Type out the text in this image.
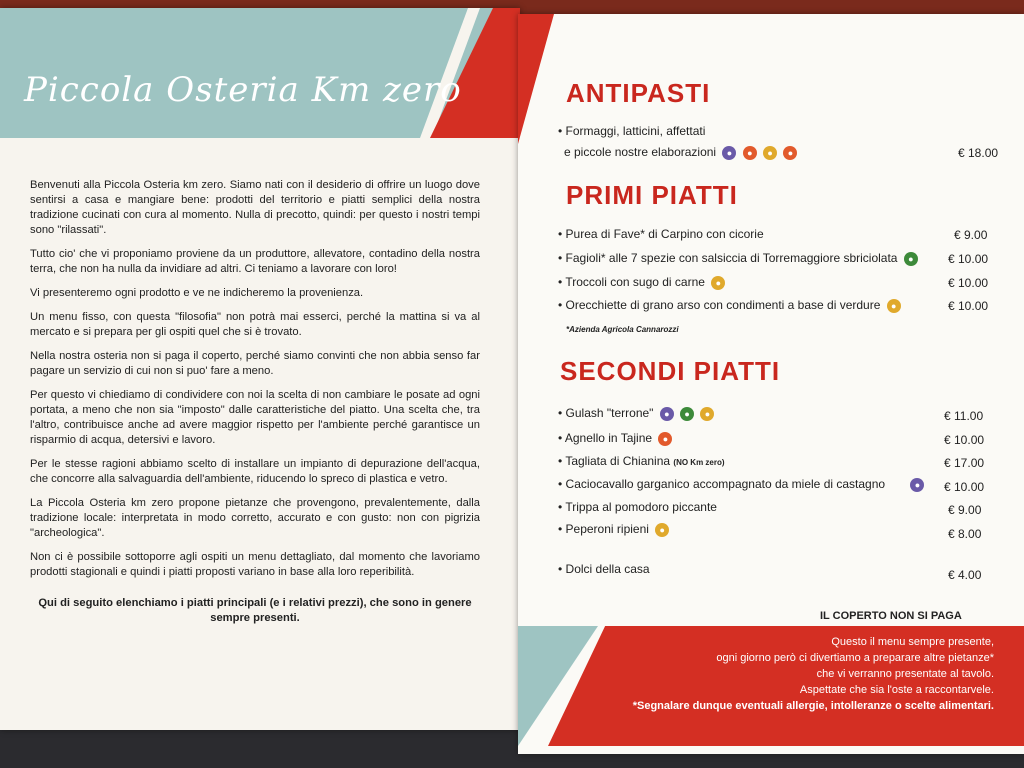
Piccola Osteria Km zero

Benvenuti alla Piccola Osteria km zero. Siamo nati con il desiderio di offrire un luogo dove sentirsi a casa e mangiare bene: prodotti del territorio e piatti semplici della nostra tradizione cucinati con cura al momento. Nulla di precotto, quindi: per questo i nostri tempi sono "rilassati".

Tutto cio' che vi proponiamo proviene da un produttore, allevatore, contadino della nostra terra, che non ha nulla da invidiare ad altri. Ci teniamo a lavorare con loro!

Vi presenteremo ogni prodotto e ve ne indicheremo la provenienza.

Un menu fisso, con questa "filosofia" non potrà mai esserci, perché la mattina si va al mercato e si prepara per gli ospiti quel che si è trovato.

Nella nostra osteria non si paga il coperto, perché siamo convinti che non abbia senso far pagare un servizio di cui non si puo' fare a meno.

Per questo vi chiediamo di condividere con noi la scelta di non cambiare le posate ad ogni portata, a meno che non sia "imposto" dalle caratteristiche del piatto. Una scelta che, tra l'altro, contribuisce anche ad avere maggior rispetto per l'ambiente perché garantisce un risparmio di acqua, detersivi e lavoro.

Per le stesse ragioni abbiamo scelto di installare un impianto di depurazione dell'acqua, che concorre alla salvaguardia dell'ambiente, riducendo lo spreco di plastica e vetro.

La Piccola Osteria km zero propone pietanze che provengono, prevalentemente, dalla tradizione locale: interpretata in modo corretto, accurato e con gusto: non con pigrizia "archeologica".

Non ci è possibile sottoporre agli ospiti un menu dettagliato, dal momento che lavoriamo prodotti stagionali e quindi i piatti proposti variano in base alla loro reperibilità.

Qui di seguito elenchiamo i piatti principali (e i relativi prezzi), che sono in genere sempre presenti.

ANTIPASTI
• Formaggi, latticini, affettati
e piccole nostre elaborazioni ● ● ● ●	€ 18.00
PRIMI PIATTI
• Purea di Fave* di Carpino con cicorie	€ 9.00
• Fagioli* alle 7 spezie con salsiccia di Torremaggiore sbriciolata ●	€ 10.00
• Troccoli con sugo di carne ●	€ 10.00
• Orecchiette di grano arso con condimenti a base di verdure ●	€ 10.00
*Azienda Agricola Cannarozzi
SECONDI PIATTI
• Gulash "terrone" ● ● ●	€ 11.00
• Agnello in Tajine ●	€ 10.00
• Tagliata di Chianina (NO Km zero)	€ 17.00
• Caciocavallo garganico accompagnato da miele di castagno	●	€ 10.00
• Trippa al pomodoro piccante	€ 9.00
• Peperoni ripieni ●	€ 8.00
• Dolci della casa	€ 4.00
IL COPERTO NON SI PAGA
Questo il menu sempre presente,
ogni giorno però ci divertiamo a preparare altre pietanze*
che vi verranno presentate al tavolo.
Aspettate che sia l'oste a raccontarvele.
*Segnalare dunque eventuali allergie, intolleranze o scelte alimentari.
